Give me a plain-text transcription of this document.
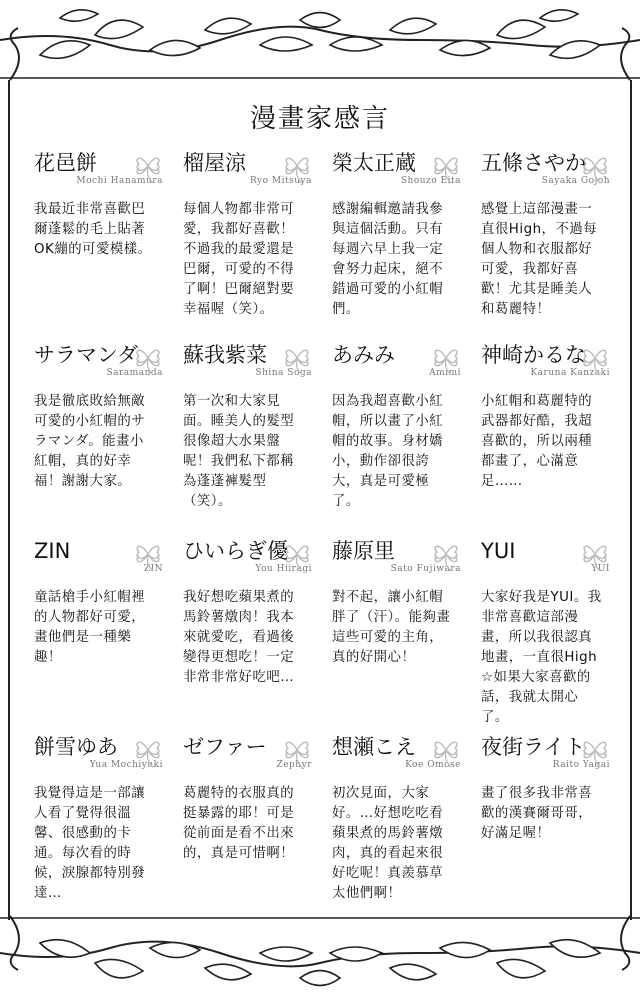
漫畫家感言
花邑餅
Mochi Hanamura
我最近非常喜歡巴爾蓬鬆的毛上貼著OK繃的可愛模樣。
榴屋涼
Ryo Mitsuya
每個人物都非常可愛，我都好喜歡！不過我的最愛還是巴爾，可愛的不得了啊！巴爾絕對要幸福喔（笑）。
榮太正蔵
Shouzo Eita
感謝編輯邀請我參與這個活動。只有每週六早上我一定會努力起床，絕不錯過可愛的小紅帽們。
五條さやか
Sayaka Gojoh
感覺上這部漫畫一直很High，不過每個人物和衣服都好可愛，我都好喜歡！尤其是睡美人和葛麗特！
サラマンダ
Saramanda
我是徹底敗給無敵可愛的小紅帽的サラマンダ。能畫小紅帽，真的好幸福！謝謝大家。
蘇我紫菜
Shina Soga
第一次和大家見面。睡美人的髮型很像超大水果盤呢！我們私下都稱為蓬蓬褲髮型（笑）。
あみみ
Amimi
因為我超喜歡小紅帽，所以畫了小紅帽的故事。身材嬌小，動作卻很誇大，真是可愛極了。
神崎かるな
Karuna Kanzaki
小紅帽和葛麗特的武器都好酷，我超喜歡的，所以兩種都畫了，心滿意足……
ZIN
ZIN
童話槍手小紅帽裡的人物都好可愛，畫他們是一種樂趣！
ひいらぎ優
You Hiiragi
我好想吃蘋果煮的馬鈴薯燉肉！我本來就愛吃，看過後變得更想吃！一定非常非常好吃吧…
藤原里
Sato Fujiwara
對不起，讓小紅帽胖了（汗）。能夠畫這些可愛的主角，真的好開心！
YUI
YUI
大家好我是YUI。我非常喜歡這部漫畫，所以我很認真地畫，一直很High☆如果大家喜歡的話，我就太開心了。
餅雪ゆあ
Yua Mochiyuki
我覺得這是一部讓人看了覺得很溫馨、很感動的卡通。每次看的時候，淚腺都特別發達…
ゼファー
Zephyr
葛麗特的衣服真的挺暴露的耶！可是從前面是看不出來的，真是可惜啊！
想瀬こえ
Koe Omose
初次見面，大家好。…好想吃吃看蘋果煮的馬鈴薯燉肉，真的看起來很好吃呢！真羨慕草太他們啊！
夜街ライト
Raito Yagai
畫了很多我非常喜歡的漢賽爾哥哥，好滿足喔！
